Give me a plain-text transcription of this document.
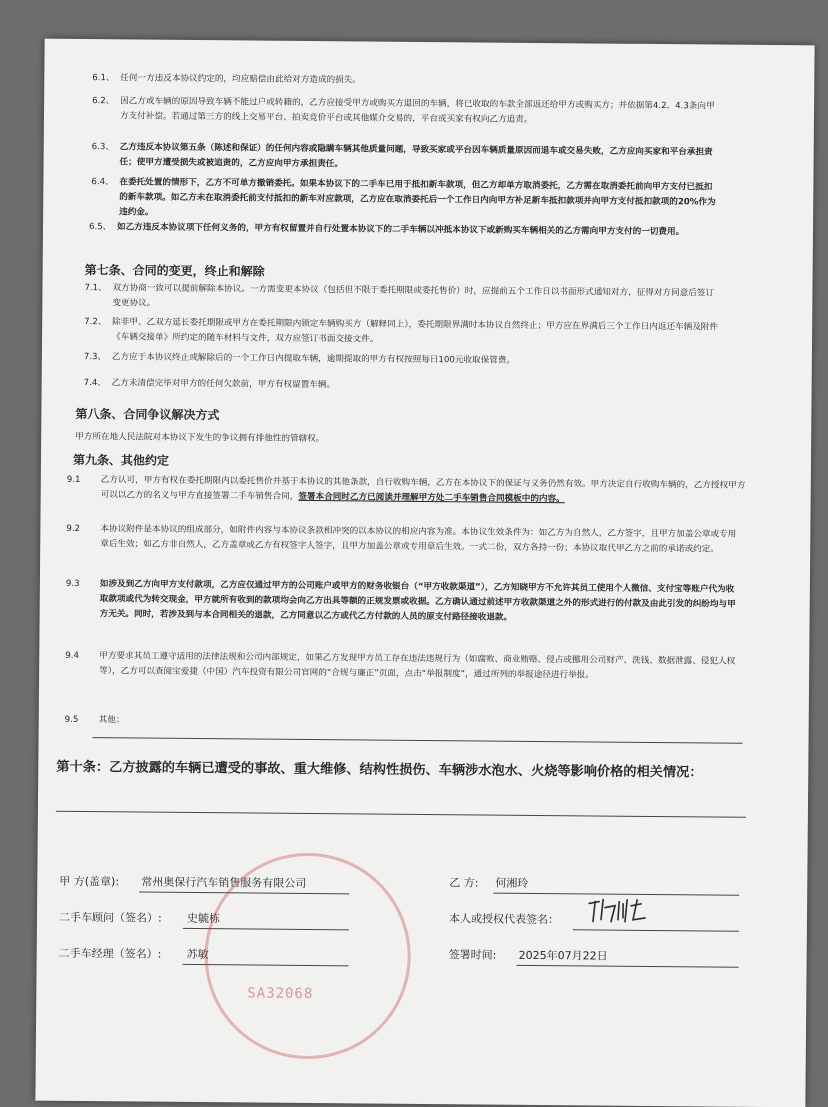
6.1、 任何一方违反本协议约定的，均应赔偿由此给对方造成的损失。
6.2、 因乙方或车辆的原因导致车辆不能过户或转籍的，乙方应接受甲方或购买方退回的车辆，将已收取的车款全部返还给甲方或购买方；并依据第4.2、4.3条向甲方支付补偿。若通过第三方的线上交易平台、拍卖竞价平台或其他媒介交易的，平台或买家有权向乙方追责。
6.3、 乙方违反本协议第五条（陈述和保证）的任何内容或隐瞒车辆其他质量问题，导致买家或平台因车辆质量原因而退车或交易失败，乙方应向买家和平台承担责任；使甲方遭受损失或被追责的，乙方应向甲方承担责任。
6.4、 在委托处置的情形下，乙方不可单方撤销委托。如果本协议下的二手车已用于抵扣新车款项，但乙方却单方取消委托，乙方需在取消委托前向甲方支付已抵扣的新车款项。如乙方未在取消委托前支付抵扣的新车对应款项，乙方应在取消委托后一个工作日内向甲方补足新车抵扣款项并向甲方支付抵扣款项的20%作为违约金。
6.5、 如乙方违反本协议项下任何义务的，甲方有权留置并自行处置本协议下的二手车辆以冲抵本协议下或新购买车辆相关的乙方需向甲方支付的一切费用。
第七条、合同的变更，终止和解除
7.1、 双方协商一致可以提前解除本协议。一方需变更本协议（包括但不限于委托期限或委托售价）时，应提前五个工作日以书面形式通知对方，征得对方同意后签订变更协议。
7.2、 除非甲、乙双方延长委托期限或甲方在委托期限内锁定车辆购买方（解释同上），委托期限界满时本协议自然终止；甲方应在界满后三个工作日内返还车辆及附件《车辆交接单》所约定的随车材料与文件，双方应签订书面交接文件。
7.3、 乙方应于本协议终止或解除后的一个工作日内提取车辆，逾期提取的甲方有权按照每日100元收取保管费。
7.4、 乙方未清偿完毕对甲方的任何欠款前，甲方有权留置车辆。
第八条、合同争议解决方式
甲方所在地人民法院对本协议下发生的争议拥有排他性的管辖权。
第九条、其他约定
9.1 乙方认可，甲方有权在委托期限内以委托售价并基于本协议的其他条款，自行收购车辆，乙方在本协议下的保证与义务仍然有效。甲方决定自行收购车辆的，乙方授权甲方可以以乙方的名义与甲方直接签署二手车销售合同，签署本合同时乙方已阅读并理解甲方处二手车销售合同模板中的内容。
9.2 本协议附件是本协议的组成部分，如附件内容与本协议条款相冲突的以本协议的相应内容为准。本协议生效条件为：如乙方为自然人，乙方签字，且甲方加盖公章或专用章后生效；如乙方非自然人，乙方盖章或乙方有权签字人签字，且甲方加盖公章或专用章后生效。一式二份，双方各持一份；本协议取代甲乙方之前的承诺或约定。
9.3 如涉及到乙方向甲方支付款项，乙方应仅通过甲方的公司账户或甲方的财务收银台（“甲方收款渠道”），乙方知晓甲方不允许其员工使用个人微信、支付宝等账户代为收取款项或代为转交现金，甲方就所有收到的款项均会向乙方出具等额的正规发票或收据。乙方确认通过前述甲方收款渠道之外的形式进行的付款及由此引发的纠纷均与甲方无关。同时，若涉及到与本合同相关的退款，乙方同意以乙方或代乙方付款的人员的原支付路径接收退款。
9.4 甲方要求其员工遵守适用的法律法规和公司内部规定，如果乙方发现甲方员工存在违法违规行为（如腐败、商业贿赂、侵占或挪用公司财产、洗钱、数据泄露、侵犯人权等），乙方可以查阅宝爱捷（中国）汽车投资有限公司官网的“合规与廉正”页面，点击“举报制度”，通过所列的举报途径进行举报。
9.5 其他：
第十条：乙方披露的车辆已遭受的事故、重大维修、结构性损伤、车辆涉水泡水、火烧等影响价格的相关情况：
甲 方(盖章): 常州奥保行汽车销售服务有限公司
二手车顾问（签名）: 史毓栋
二手车经理（签名）: 苏敏
乙 方: 何湘玲
本人或授权代表签名：
签署时间: 2025年07月22日
SA32068
